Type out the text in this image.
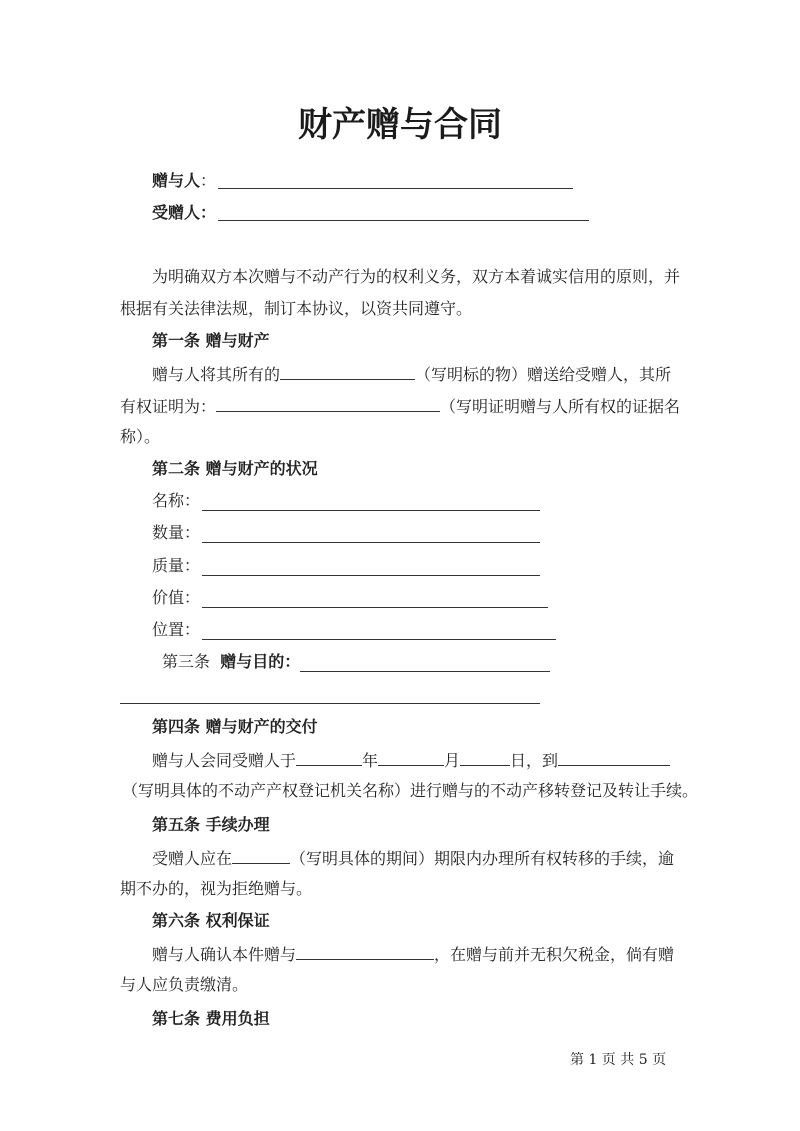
财产赠与合同
赠与人：
受赠人：
为明确双方本次赠与不动产行为的权利义务，双方本着诚实信用的原则，并
根据有关法律法规，制订本协议，以资共同遵守。
第一条 赠与财产
赠与人将其所有的	（写明标的物）赠送给受赠人，其所
有权证明为：	（写明证明赠与人所有权的证据名
称）。
第二条 赠与财产的状况
名称：
数量：
质量：
价值：
位置：
第三条 赠与目的：
第四条 赠与财产的交付
赠与人会同受赠人于	年	月	日，到
（写明具体的不动产产权登记机关名称）进行赠与的不动产移转登记及转让手续。
第五条 手续办理
受赠人应在	（写明具体的期间）期限内办理所有权转移的手续，逾
期不办的，视为拒绝赠与。
第六条 权利保证
赠与人确认本件赠与	，在赠与前并无积欠税金，倘有赠
与人应负责缴清。
第七条 费用负担
第 1 页 共 5 页
